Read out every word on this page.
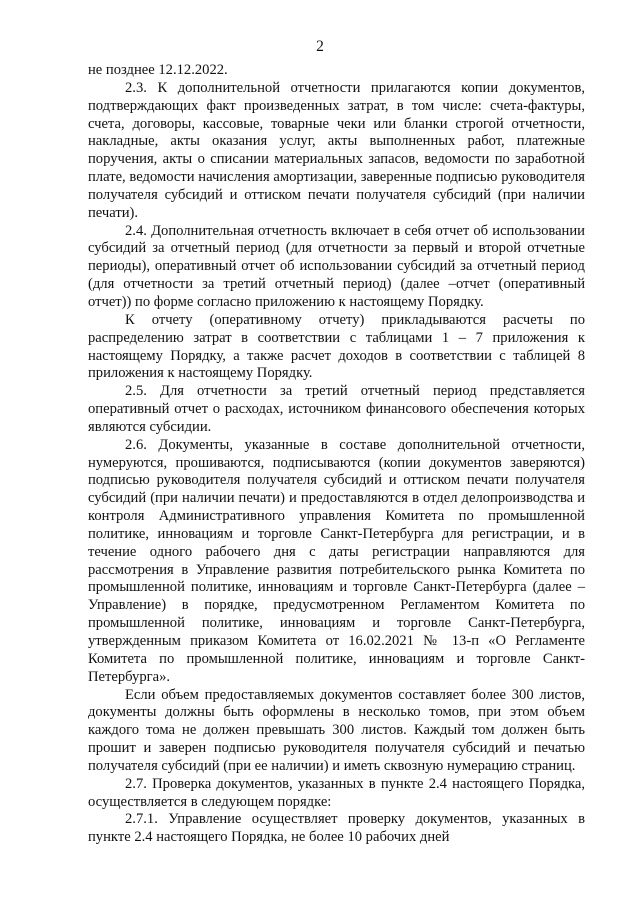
2

не позднее 12.12.2022.

2.3. К дополнительной отчетности прилагаются копии документов, подтверждающих факт произведенных затрат, в том числе: счета-фактуры, счета, договоры, кассовые, товарные чеки или бланки строгой отчетности, накладные, акты оказания услуг, акты выполненных работ, платежные поручения, акты о списании материальных запасов, ведомости по заработной плате, ведомости начисления амортизации, заверенные подписью руководителя получателя субсидий и оттиском печати получателя субсидий (при наличии печати).

2.4. Дополнительная отчетность включает в себя отчет об использовании субсидий за отчетный период (для отчетности за первый и второй отчетные периоды), оперативный отчет об использовании субсидий за отчетный период (для отчетности за третий отчетный период) (далее –отчет (оперативный отчет)) по форме согласно приложению к настоящему Порядку.

К отчету (оперативному отчету) прикладываются расчеты по распределению затрат в соответствии с таблицами 1 – 7 приложения к настоящему Порядку, а также расчет доходов в соответствии с таблицей 8 приложения к настоящему Порядку.

2.5. Для отчетности за третий отчетный период представляется оперативный отчет о расходах, источником финансового обеспечения которых являются субсидии.

2.6. Документы, указанные в составе дополнительной отчетности, нумеруются, прошиваются, подписываются (копии документов заверяются) подписью руководителя получателя субсидий и оттиском печати получателя субсидий (при наличии печати) и предоставляются в отдел делопроизводства и контроля Административного управления Комитета по промышленной политике, инновациям и торговле Санкт-Петербурга для регистрации, и в течение одного рабочего дня с даты регистрации направляются для рассмотрения в Управление развития потребительского рынка Комитета по промышленной политике, инновациям и торговле Санкт-Петербурга (далее – Управление) в порядке, предусмотренном Регламентом Комитета по промышленной политике, инновациям и торговле Санкт-Петербурга, утвержденным приказом Комитета от 16.02.2021 № 13-п «О Регламенте Комитета по промышленной политике, инновациям и торговле Санкт-Петербурга».

Если объем предоставляемых документов составляет более 300 листов, документы должны быть оформлены в несколько томов, при этом объем каждого тома не должен превышать 300 листов. Каждый том должен быть прошит и заверен подписью руководителя получателя субсидий и печатью получателя субсидий (при ее наличии) и иметь сквозную нумерацию страниц.

2.7. Проверка документов, указанных в пункте 2.4 настоящего Порядка, осуществляется в следующем порядке:

2.7.1. Управление осуществляет проверку документов, указанных в пункте 2.4 настоящего Порядка, не более 10 рабочих дней
